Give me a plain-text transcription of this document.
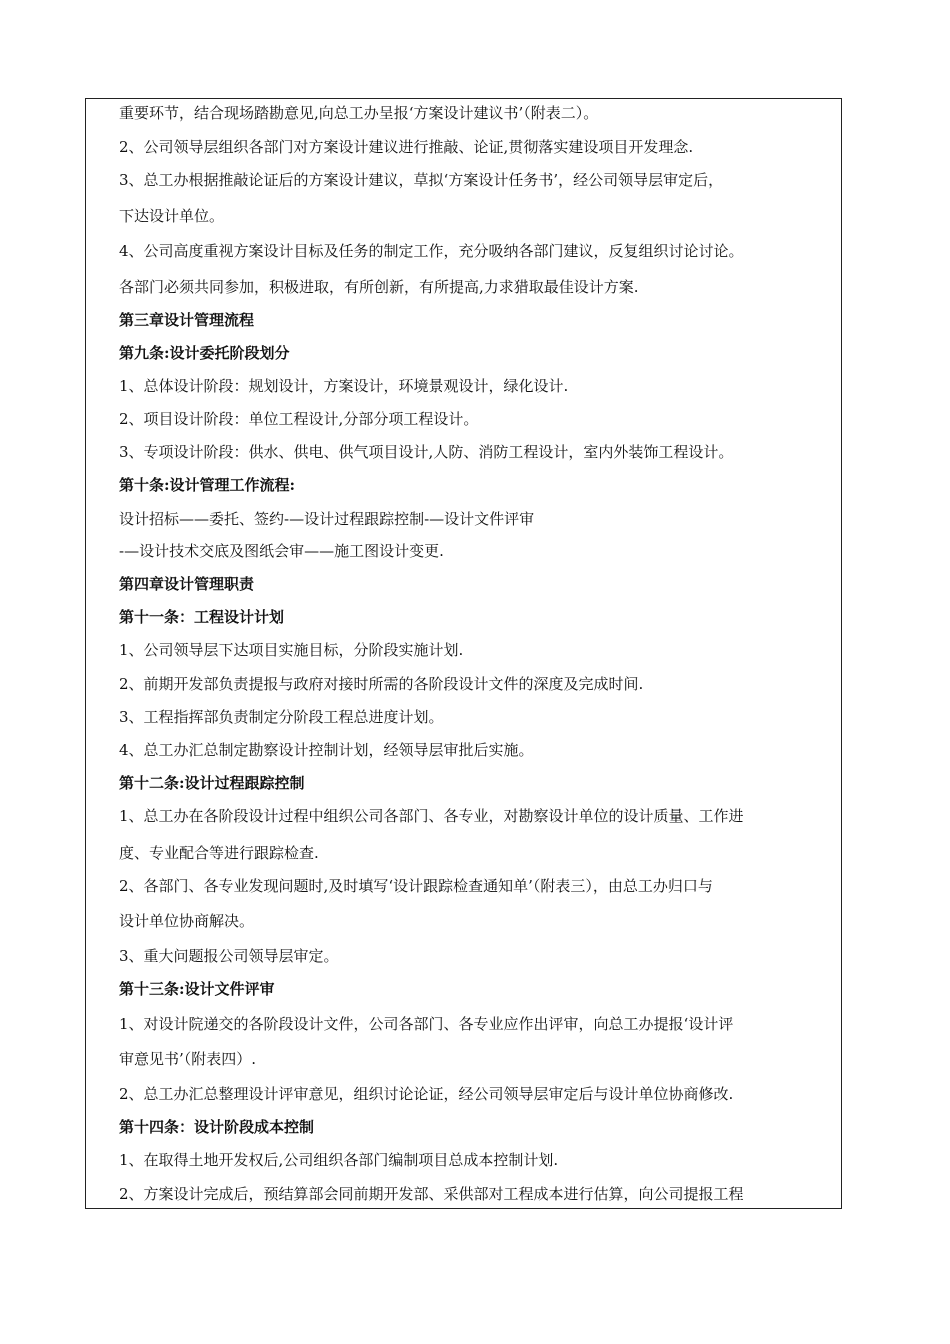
重要环节，结合现场踏勘意见,向总工办呈报‘方案设计建议书’（附表二）。
2、公司领导层组织各部门对方案设计建议进行推敲、论证,贯彻落实建设项目开发理念.
3、总工办根据推敲论证后的方案设计建议，草拟‘方案设计任务书’，经公司领导层审定后，
下达设计单位。
4、公司高度重视方案设计目标及任务的制定工作，充分吸纳各部门建议，反复组织讨论讨论。
各部门必须共同参加，积极进取，有所创新，有所提高,力求猎取最佳设计方案.
第三章设计管理流程
第九条:设计委托阶段划分
1、总体设计阶段：规划设计，方案设计，环境景观设计，绿化设计.
2、项目设计阶段：单位工程设计,分部分项工程设计。
3、专项设计阶段：供水、供电、供气项目设计,人防、消防工程设计，室内外装饰工程设计。
第十条:设计管理工作流程:
设计招标——委托、签约-—设计过程跟踪控制-—设计文件评审
-—设计技术交底及图纸会审——施工图设计变更.
第四章设计管理职责
第十一条：工程设计计划
1、公司领导层下达项目实施目标，分阶段实施计划.
2、前期开发部负责提报与政府对接时所需的各阶段设计文件的深度及完成时间.
3、工程指挥部负责制定分阶段工程总进度计划。
4、总工办汇总制定勘察设计控制计划，经领导层审批后实施。
第十二条:设计过程跟踪控制
1、总工办在各阶段设计过程中组织公司各部门、各专业，对勘察设计单位的设计质量、工作进
度、专业配合等进行跟踪检查.
2、各部门、各专业发现问题时,及时填写‘设计跟踪检查通知单’（附表三），由总工办归口与
设计单位协商解决。
3、重大问题报公司领导层审定。
第十三条:设计文件评审
1、对设计院递交的各阶段设计文件，公司各部门、各专业应作出评审，向总工办提报‘设计评
审意见书’（附表四）.
2、总工办汇总整理设计评审意见，组织讨论论证，经公司领导层审定后与设计单位协商修改.
第十四条：设计阶段成本控制
1、在取得土地开发权后,公司组织各部门编制项目总成本控制计划.
2、方案设计完成后，预结算部会同前期开发部、采供部对工程成本进行估算，向公司提报工程
